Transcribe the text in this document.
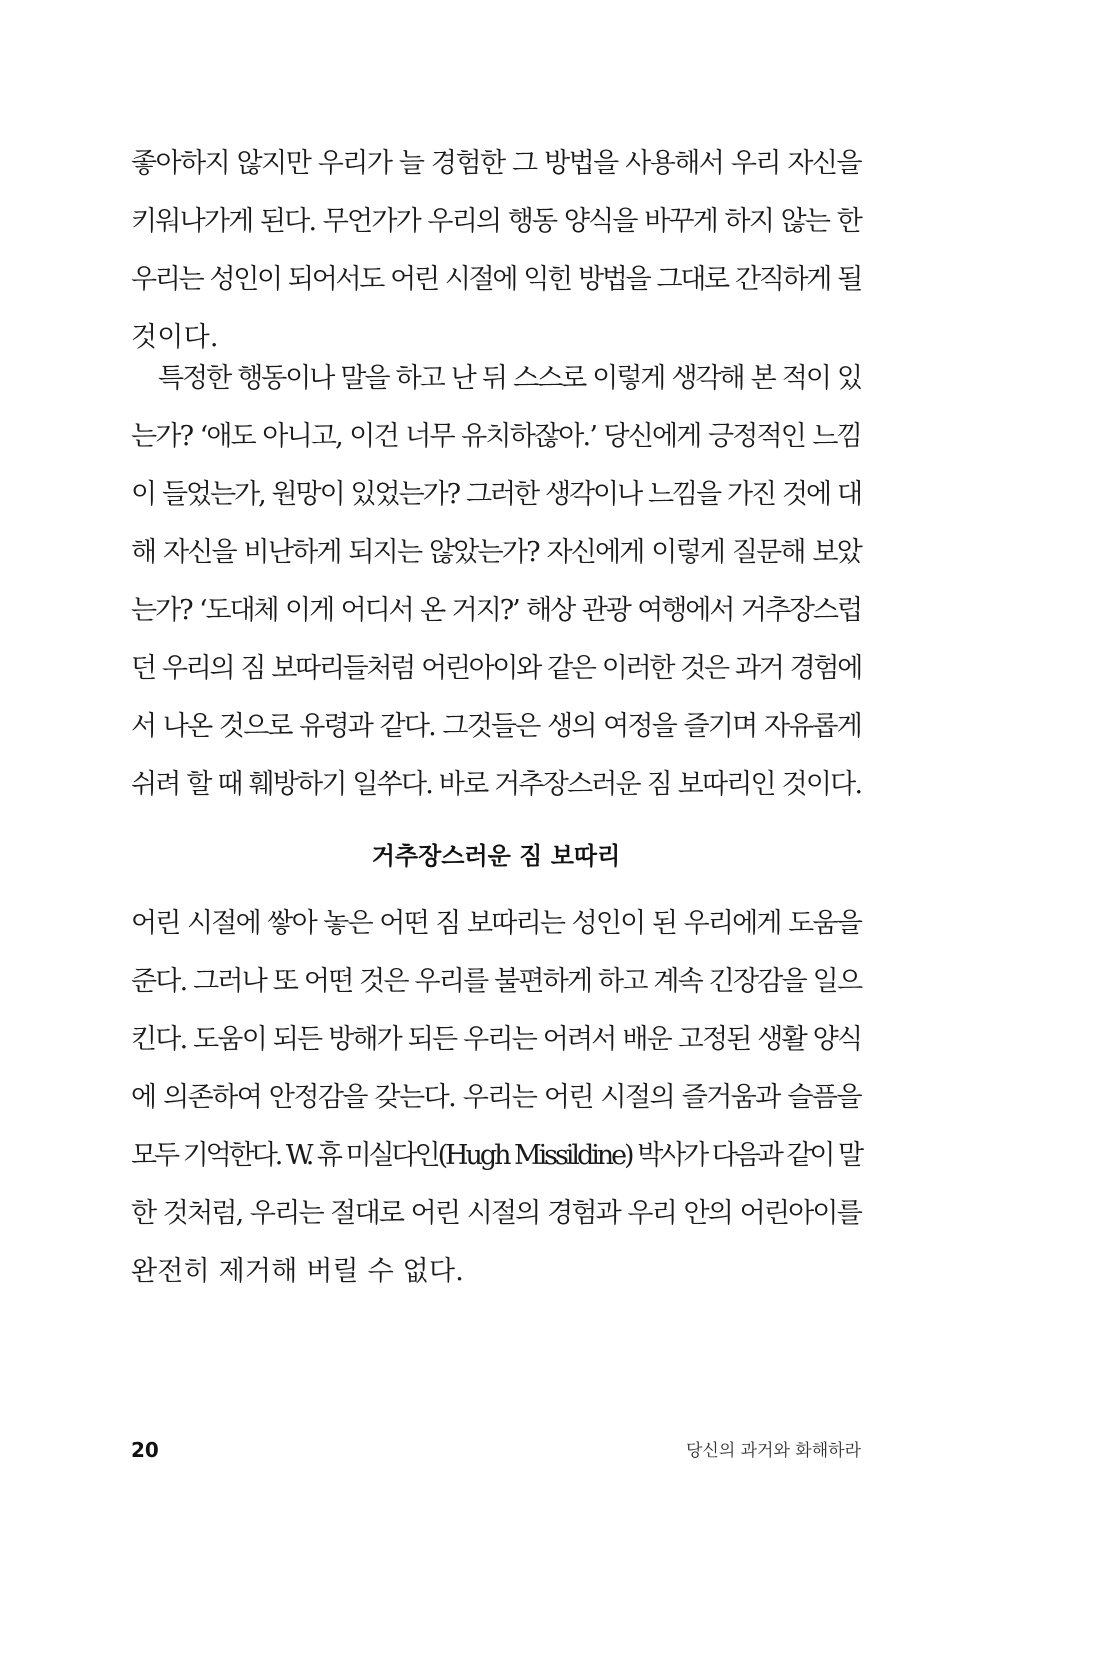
좋아하지 않지만 우리가 늘 경험한 그 방법을 사용해서 우리 자신을
키워나가게 된다. 무언가가 우리의 행동 양식을 바꾸게 하지 않는 한
우리는 성인이 되어서도 어린 시절에 익힌 방법을 그대로 간직하게 될
것이다.
특정한 행동이나 말을 하고 난 뒤 스스로 이렇게 생각해 본 적이 있
는가? ‘애도 아니고, 이건 너무 유치하잖아.’ 당신에게 긍정적인 느낌
이 들었는가, 원망이 있었는가? 그러한 생각이나 느낌을 가진 것에 대
해 자신을 비난하게 되지는 않았는가? 자신에게 이렇게 질문해 보았
는가? ‘도대체 이게 어디서 온 거지?’ 해상 관광 여행에서 거추장스럽
던 우리의 짐 보따리들처럼 어린아이와 같은 이러한 것은 과거 경험에
서 나온 것으로 유령과 같다. 그것들은 생의 여정을 즐기며 자유롭게
쉬려 할 때 훼방하기 일쑤다. 바로 거추장스러운 짐 보따리인 것이다.
거추장스러운 짐 보따리
어린 시절에 쌓아 놓은 어떤 짐 보따리는 성인이 된 우리에게 도움을
준다. 그러나 또 어떤 것은 우리를 불편하게 하고 계속 긴장감을 일으
킨다. 도움이 되든 방해가 되든 우리는 어려서 배운 고정된 생활 양식
에 의존하여 안정감을 갖는다. 우리는 어린 시절의 즐거움과 슬픔을
모두 기억한다. W. 휴 미실다인(Hugh Missildine) 박사가 다음과 같이 말
한 것처럼, 우리는 절대로 어린 시절의 경험과 우리 안의 어린아이를
완전히 제거해 버릴 수 없다.
20	당신의 과거와 화해하라
